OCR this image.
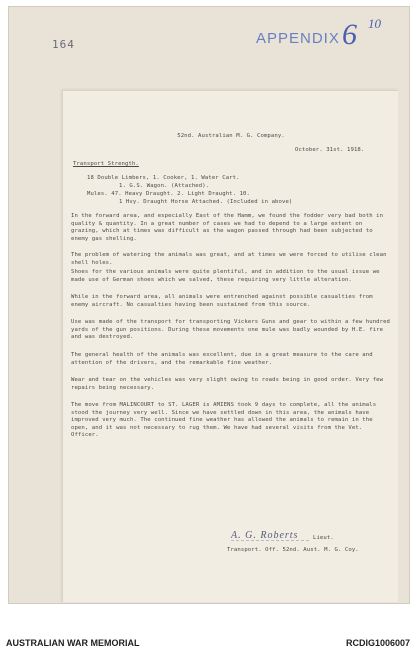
164	APPENDIX 6 10
52nd. Australian M. G. Company.
October. 31st. 1918.
Transport Strength.
18 Double Limbers, 1. Cooker, 1. Water Cart.
1. G.S. Wagon. (Attached).
Mules. 47. Heavy Draught. 2. Light Draught. 10.
1 Hvy. Draught Horse Attached. (Included in above)
In the forward area, and especially East of the Hamm, we found the fodder very bad both in quality & quantity. In a great number of cases we had to depend to a large extent on grazing, which at times was difficult as the wagon passed through had been subjected to enemy gas shelling.
The problem of watering the animals was great, and at times we were forced to utilise clean shell holes.
Shoes for the various animals were quite plentiful, and in addition to the usual issue we made use of German shoes which we salved, these requiring very little alteration.
While in the forward area, all animals were entrenched against possible casualties from enemy aircraft. No casualties having been sustained from this source.
Use was made of the transport for transporting Vickers Guns and gear to within a few hundred yards of the gun positions. During these movements one mule was badly wounded by H.E. fire and was destroyed.
The general health of the animals was excellent, due in a great measure to the care and attention of the drivers, and the remarkable fine weather.
Wear and tear on the vehicles was very slight owing to roads being in good order. Very few repairs being necessary.
The move from MALINCOURT to ST. LAGER is AMIENS took 9 days to complete, all the animals stood the journey very well. Since we have settled down in this area, the animals have improved very much. The continued fine weather has allowed the animals to remain in the open, and it was not necessary to rug them. We have had several visits from the Vet. Officer.
A. G. Roberts	Lieut.
Transport. Off. 52nd. Aust. M. G. Coy.
AUSTRALIAN WAR MEMORIAL	RCDIG1006007
